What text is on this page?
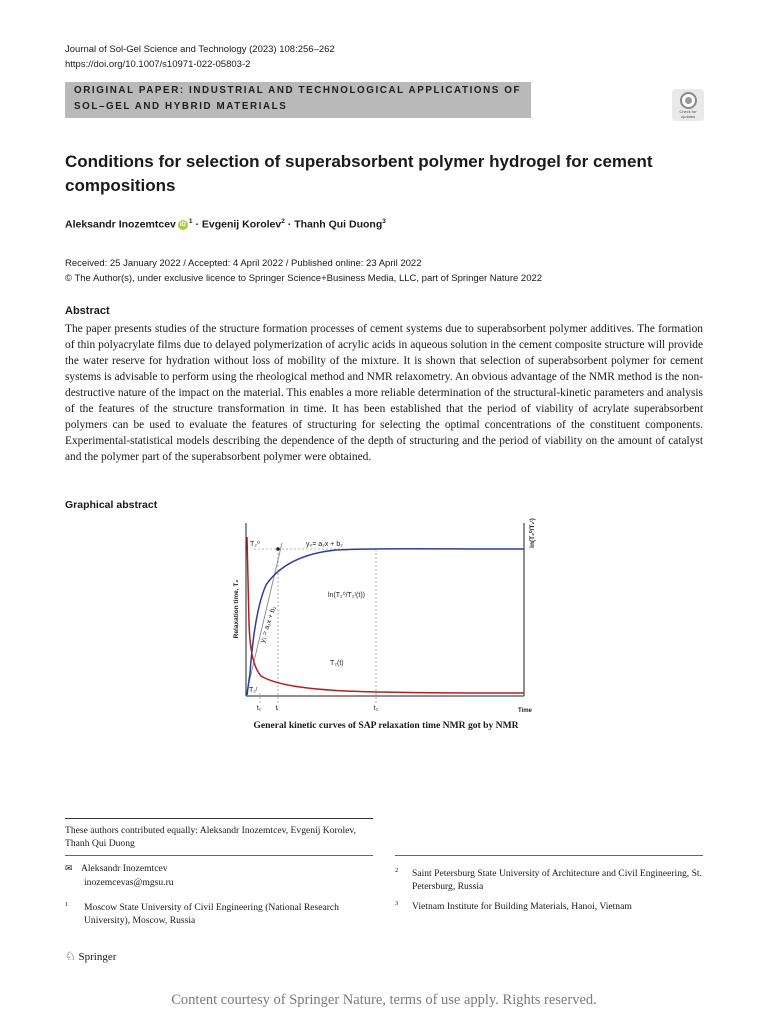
Journal of Sol-Gel Science and Technology (2023) 108:256–262
https://doi.org/10.1007/s10971-022-05803-2
ORIGINAL PAPER: INDUSTRIAL AND TECHNOLOGICAL APPLICATIONS OF SOL–GEL AND HYBRID MATERIALS	Check for updates
Conditions for selection of superabsorbent polymer hydrogel for cement compositions
Aleksandr Inozemtcev iD $^1$ · Evgenij Korolev$^2$ · Thanh Qui Duong$^3$
Received: 25 January 2022 / Accepted: 4 April 2022 / Published online: 23 April 2022
© The Author(s), under exclusive licence to Springer Science+Business Media, LLC, part of Springer Nature 2022
Abstract
The paper presents studies of the structure formation processes of cement systems due to superabsorbent polymer additives. The formation of thin polyacrylate films due to delayed polymerization of acrylic acids in aqueous solution in the cement composite structure will provide the water reserve for hydration without loss of mobility of the mixture. It is shown that selection of superabsorbent polymer for cement systems is advisable to perform using the rheological method and NMR relaxometry. An obvious advantage of the NMR method is the non-destructive nature of the impact on the material. This enables a more reliable determination of the structural-kinetic parameters and analysis of the features of the structure transformation in time. It has been established that the period of viability of acrylate superabsorbent polymers can be used to evaluate the features of structuring for selecting the optimal concentrations of the constituent components. Experimental-statistical models describing the dependence of the depth of structuring and the period of viability on the amount of catalyst and the polymer part of the superabsorbent polymer were obtained.
Graphical abstract
Relaxation time, T₂
ln(T₂⁰/T₂ᵗ)
Time
T₂⁰
T₂ᵗ
y₂= a₂x + b₂
y₁ = a₁x + b₁
ln(T₂⁰/T₂ᵗ(t))
T₂(t)
t₁ tᵢ	t₂
General kinetic curves of SAP relaxation time NMR got by NMR
These authors contributed equally: Aleksandr Inozemtcev, Evgenij Korolev, Thanh Qui Duong
✉ Aleksandr Inozemtcev
inozemcevas@mgsu.ru
1	Moscow State University of Civil Engineering (National Research University), Moscow, Russia
2	Saint Petersburg State University of Architecture and Civil Engineering, St. Petersburg, Russia
3	Vietnam Institute for Building Materials, Hanoi, Vietnam
♘ Springer
Content courtesy of Springer Nature, terms of use apply. Rights reserved.
